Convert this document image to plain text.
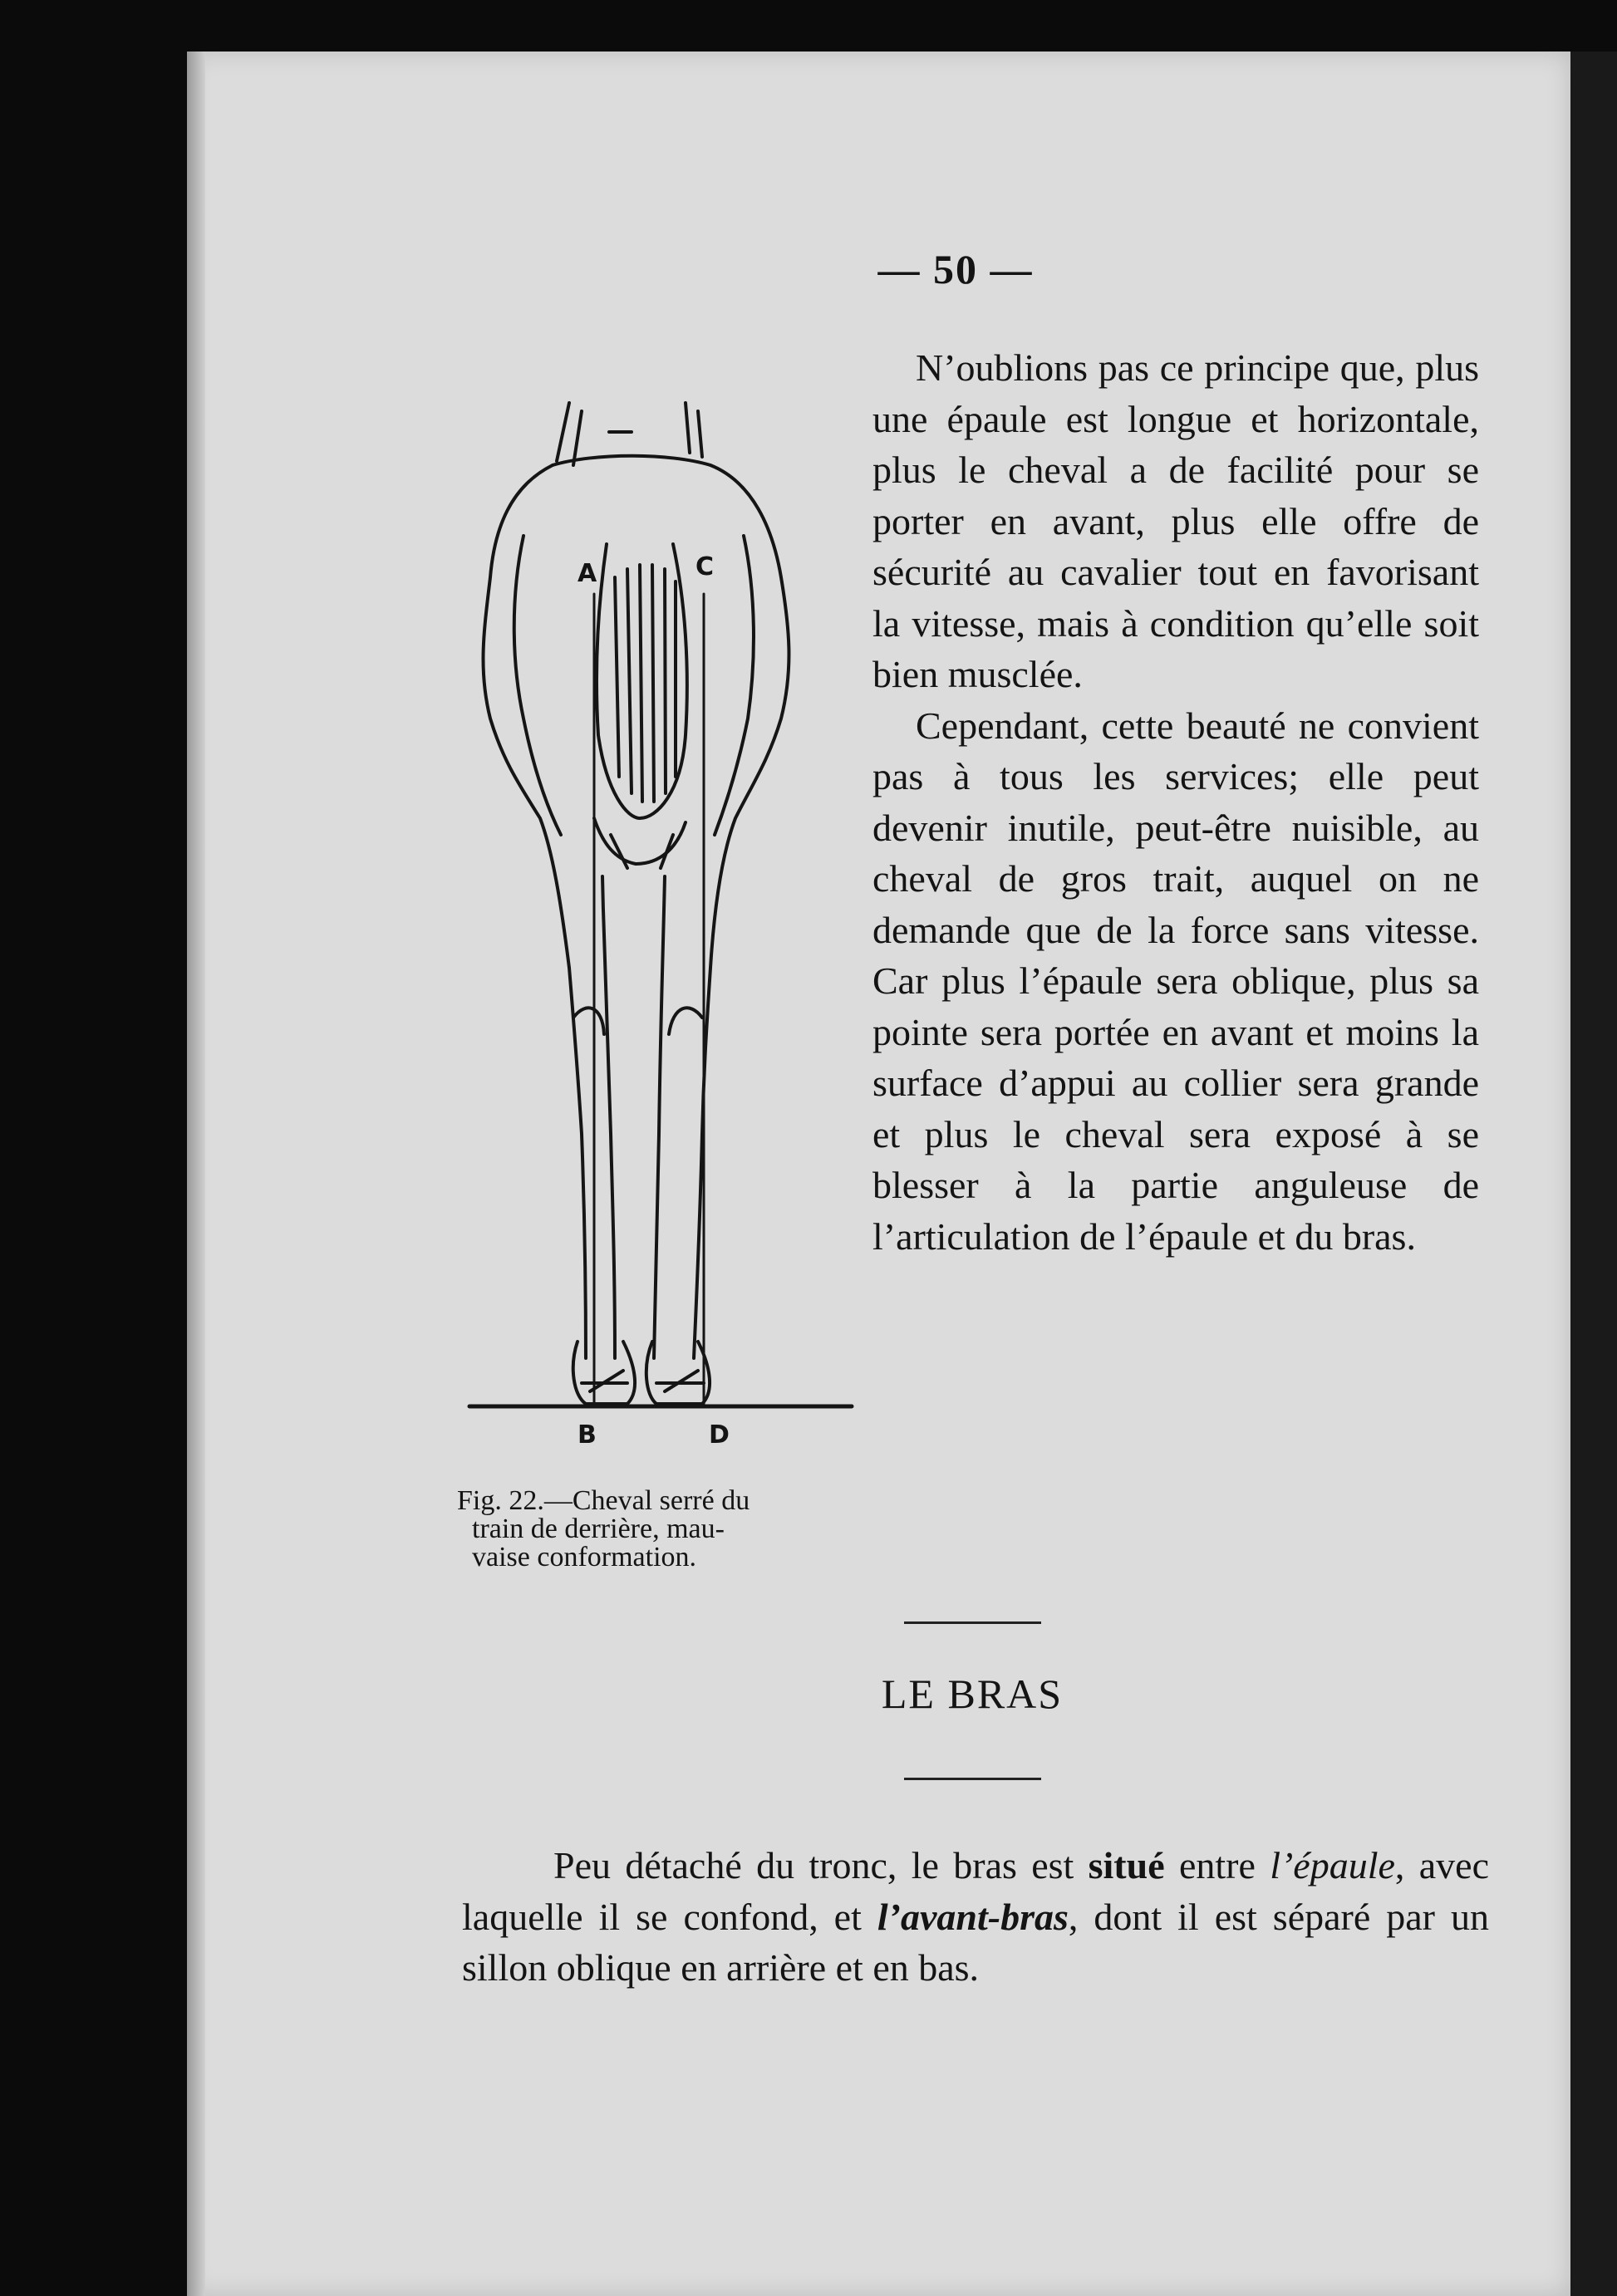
— 50 —

N’oublions pas ce principe que, plus une épaule est longue et horizontale, plus le cheval a de facilité pour se porter en avant, plus elle offre de sécurité au cavalier tout en favorisant la vitesse, mais à condition qu’elle soit bien musclée.

Cependant, cette beauté ne convient pas à tous les services; elle peut devenir inutile, peut-être nuisible, au cheval de gros trait, auquel on ne demande que de la force sans vitesse. Car plus l’épaule sera oblique, plus sa pointe sera portée en avant et moins la surface d’appui au collier sera grande et plus le cheval sera exposé à se blesser à la partie anguleuse de l’articulation de l’épaule et du bras.

A	C
B	D
Fig. 22.—Cheval serré du
train de derrière, mau-
vaise conformation.
LE BRAS

Peu détaché du tronc, le bras est situé entre l’épaule, avec laquelle il se confond, et l’avant-bras, dont il est séparé par un sillon oblique en arrière et en bas.
